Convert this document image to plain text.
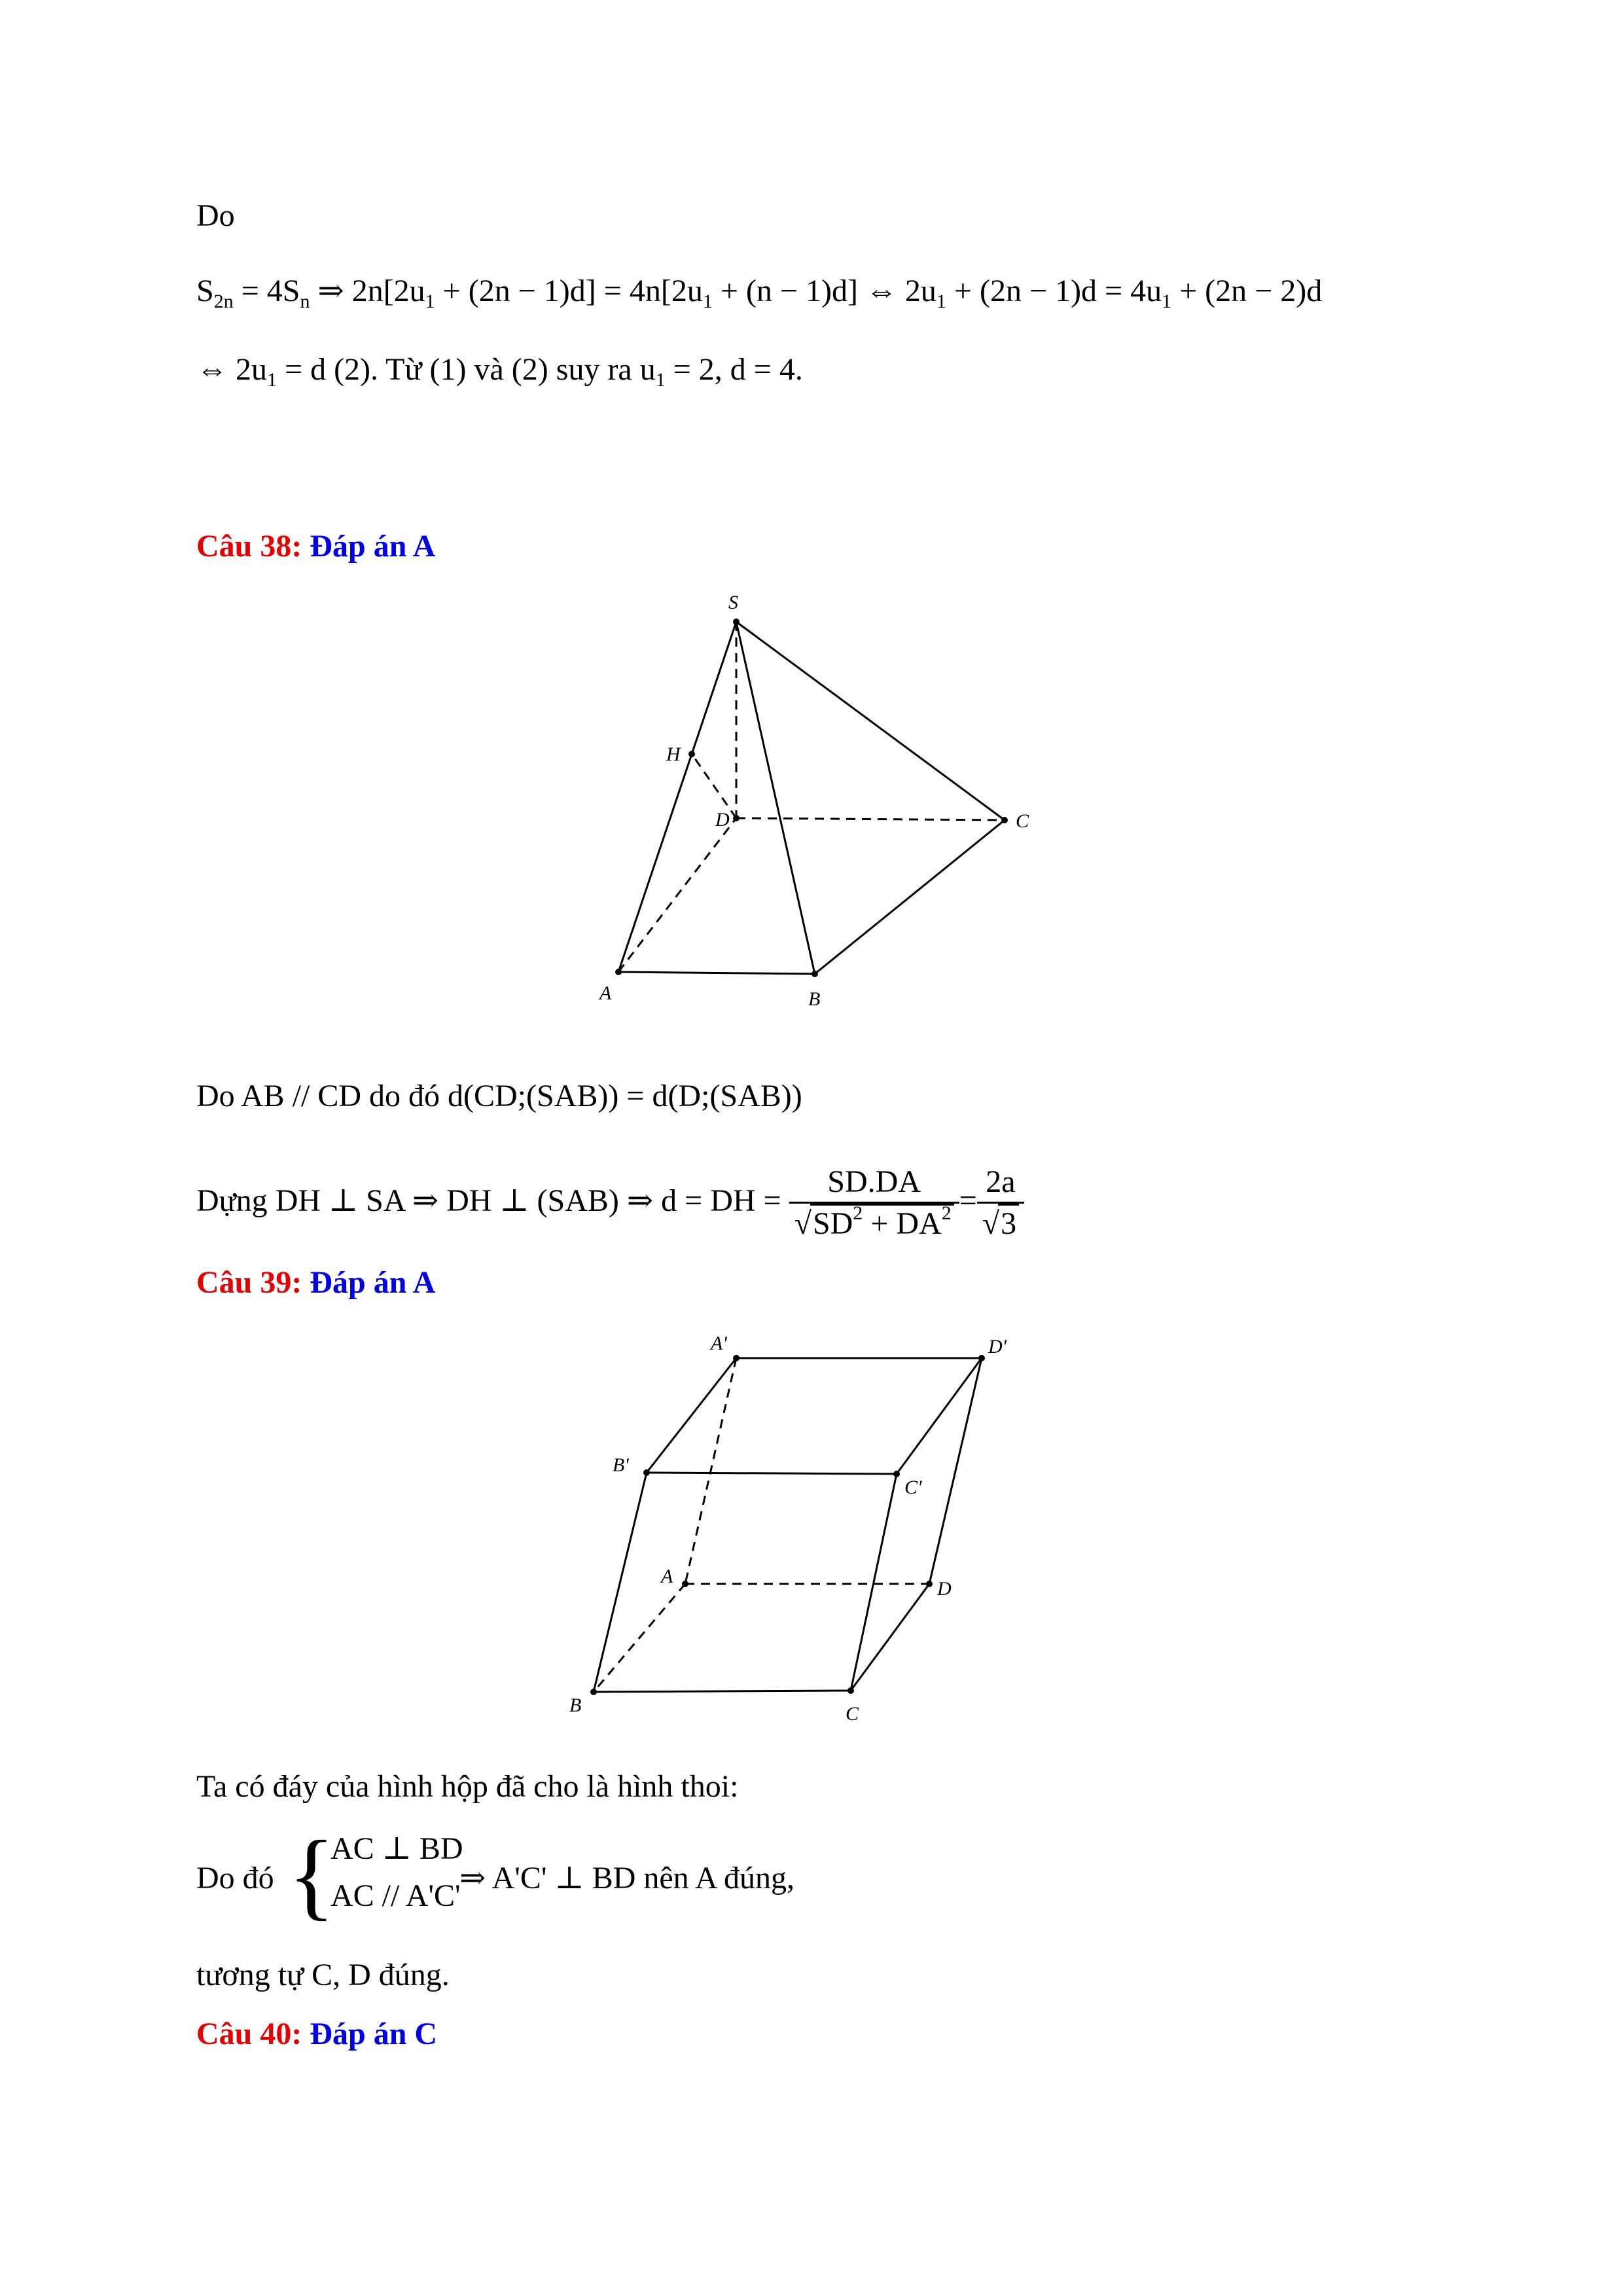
Do
$S_{2n} = 4S_n$ ⇒ $2n[2u_1 + (2n - 1)d] = 4n[2u_1 + (n - 1)d]$ ⇔ $2u_1 + (2n - 1)d = 4u_1 + (2n - 2)d$
⇔ $2u_1 = d$ (2). Từ (1) và (2) suy ra $u_1 = 2$, d = 4.
Câu 38: Đáp án A
S
H
D	C
A	B
Do AB // CD do đó d(CD;(SAB)) = d(D;(SAB))
Dựng DH ⊥ SA ⇒ DH ⊥ (SAB) ⇒ d = DH = $\frac{SD.DA}{√SD^2 + DA^2} = \frac{2a}{√3}$
Câu 39: Đáp án A
A'	D'
B'
C'
A
D
B	C
Ta có đáy của hình hộp đã cho là hình thoi:
Do đó {
AC ⊥ BD
AC // A'C'
⇒ A'C' ⊥ BD nên A đúng,
tương tự C, D đúng.
Câu 40: Đáp án C
